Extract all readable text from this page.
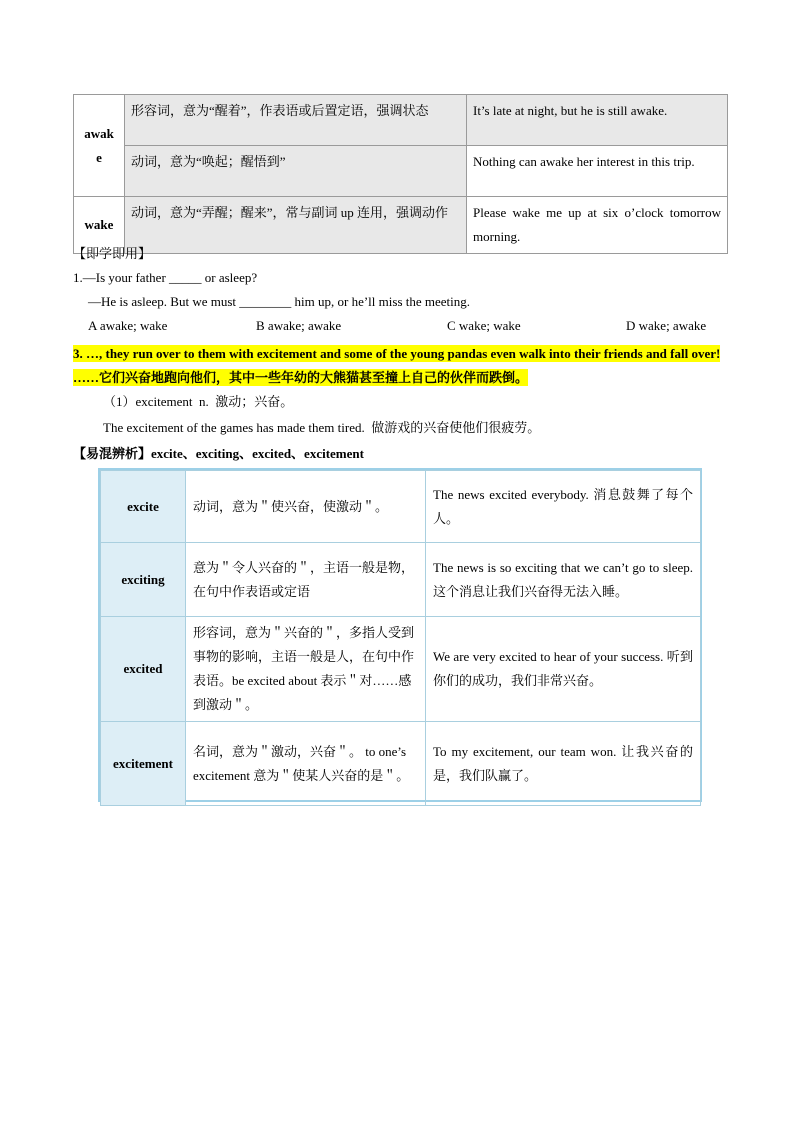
awake	形容词，意为“醒着”，作表语或后置定语，强调状态	It’s late at night, but he is still awake.
	动词，意为“唤起；醒悟到”	Nothing can awake her interest in this trip.
wake	动词，意为“弄醒；醒来”，常与副词 up 连用，强调动作	Please wake me up at six o’clock tomorrow morning.
【即学即用】
1.—Is your father _____ or asleep?
—He is asleep. But we must ________ him up, or he’ll miss the meeting.
A awake; wake	B awake; awake	C wake; wake	D wake; awake
3. …, they run over to them with excitement and some of the young pandas even walk into their friends and fall over! ……它们兴奋地跑向他们，其中一些年幼的大熊猫甚至撞上自己的伙伴而跌倒。
（1）excitement  n.  激动；兴奋。
The excitement of the games has made them tired.  做游戏的兴奋使他们很疲劳。
【易混辨析】excite、exciting、excited、excitement
excite	动词，意为＂使兴奋，使激动＂。	The news excited everybody. 消息鼓舞了每个人。
exciting	意为＂令人兴奋的＂，主语一般是物，在句中作表语或定语	The news is so exciting that we can’t go to sleep. 这个消息让我们兴奋得无法入睡。
excited	形容词，意为＂兴奋的＂，多指人受到事物的影响，主语一般是人，在句中作表语。be excited about 表示＂对……感到激动＂。	We are very excited to hear of your success. 听到你们的成功，我们非常兴奋。
excitement	名词，意为＂激动，兴奋＂。 to one’s excitement 意为＂使某人兴奋的是＂。	To my excitement, our team won. 让我兴奋的是，我们队赢了。
